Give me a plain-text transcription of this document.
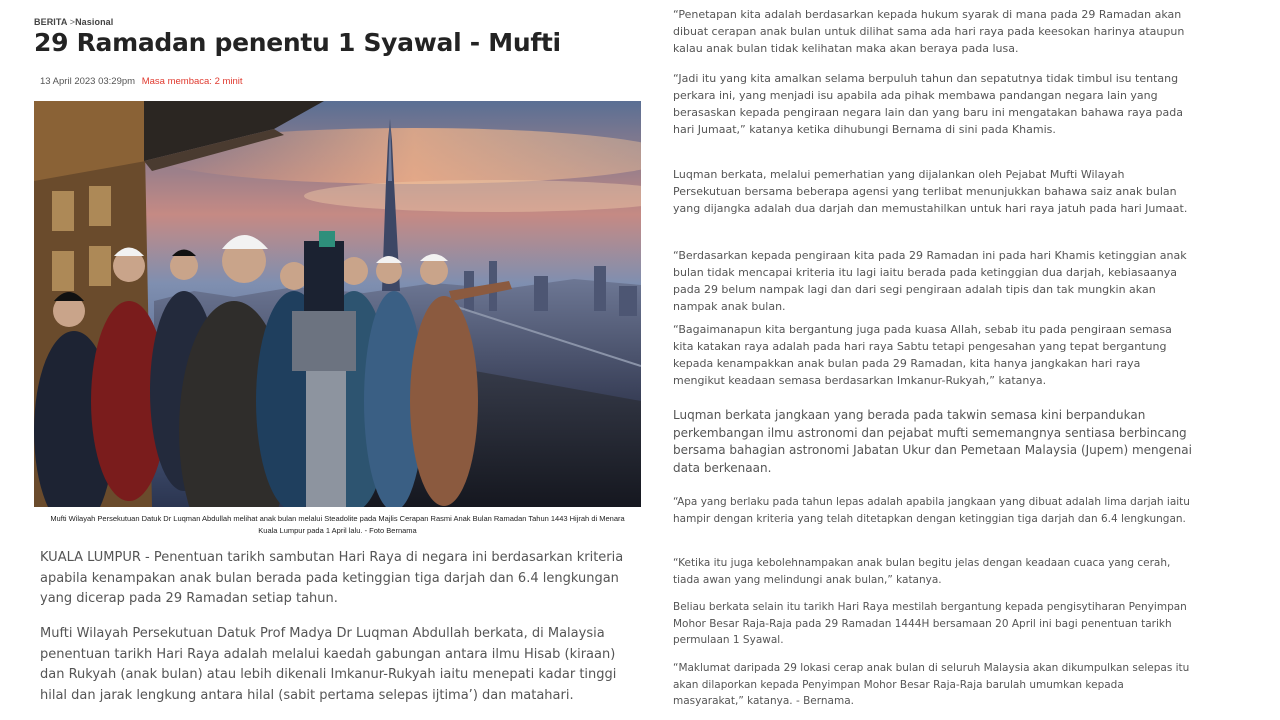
BERITA >Nasional
29 Ramadan penentu 1 Syawal - Mufti
13 April 2023 03:29pm Masa membaca: 2 minit
Mufti Wilayah Persekutuan Datuk Dr Luqman Abdullah melihat anak bulan melalui Steadolite pada Majlis Cerapan Rasmi Anak Bulan Ramadan Tahun 1443 Hijrah di Menara Kuala Lumpur pada 1 April lalu. - Foto Bernama

KUALA LUMPUR - Penentuan tarikh sambutan Hari Raya di negara ini berdasarkan kriteria apabila kenampakan anak bulan berada pada ketinggian tiga darjah dan 6.4 lengkungan yang dicerap pada 29 Ramadan setiap tahun.

Mufti Wilayah Persekutuan Datuk Prof Madya Dr Luqman Abdullah berkata, di Malaysia penentuan tarikh Hari Raya adalah melalui kaedah gabungan antara ilmu Hisab (kiraan) dan Rukyah (anak bulan) atau lebih dikenali Imkanur-Rukyah iaitu menepati kadar tinggi hilal dan jarak lengkung antara hilal (sabit pertama selepas ijtima’) dan matahari.

“Penetapan kita adalah berdasarkan kepada hukum syarak di mana pada 29 Ramadan akan dibuat cerapan anak bulan untuk dilihat sama ada hari raya pada keesokan harinya ataupun kalau anak bulan tidak kelihatan maka akan beraya pada lusa.

“Jadi itu yang kita amalkan selama berpuluh tahun dan sepatutnya tidak timbul isu tentang perkara ini, yang menjadi isu apabila ada pihak membawa pandangan negara lain yang berasaskan kepada pengiraan negara lain dan yang baru ini mengatakan bahawa raya pada hari Jumaat,” katanya ketika dihubungi Bernama di sini pada Khamis.

Luqman berkata, melalui pemerhatian yang dijalankan oleh Pejabat Mufti Wilayah Persekutuan bersama beberapa agensi yang terlibat menunjukkan bahawa saiz anak bulan yang dijangka adalah dua darjah dan memustahilkan untuk hari raya jatuh pada hari Jumaat.

“Berdasarkan kepada pengiraan kita pada 29 Ramadan ini pada hari Khamis ketinggian anak bulan tidak mencapai kriteria itu lagi iaitu berada pada ketinggian dua darjah, kebiasaanya pada 29 belum nampak lagi dan dari segi pengiraan adalah tipis dan tak mungkin akan nampak anak bulan.

“Bagaimanapun kita bergantung juga pada kuasa Allah, sebab itu pada pengiraan semasa kita katakan raya adalah pada hari raya Sabtu tetapi pengesahan yang tepat bergantung kepada kenampakkan anak bulan pada 29 Ramadan, kita hanya jangkakan hari raya mengikut keadaan semasa berdasarkan Imkanur-Rukyah,” katanya.

Luqman berkata jangkaan yang berada pada takwin semasa kini berpandukan perkembangan ilmu astronomi dan pejabat mufti sememangnya sentiasa berbincang bersama bahagian astronomi Jabatan Ukur dan Pemetaan Malaysia (Jupem) mengenai data berkenaan.

“Apa yang berlaku pada tahun lepas adalah apabila jangkaan yang dibuat adalah lima darjah iaitu hampir dengan kriteria yang telah ditetapkan dengan ketinggian tiga darjah dan 6.4 lengkungan.

“Ketika itu juga kebolehnampakan anak bulan begitu jelas dengan keadaan cuaca yang cerah, tiada awan yang melindungi anak bulan,” katanya.

Beliau berkata selain itu tarikh Hari Raya mestilah bergantung kepada pengisytiharan Penyimpan Mohor Besar Raja-Raja pada 29 Ramadan 1444H bersamaan 20 April ini bagi penentuan tarikh permulaan 1 Syawal.

“Maklumat daripada 29 lokasi cerap anak bulan di seluruh Malaysia akan dikumpulkan selepas itu akan dilaporkan kepada Penyimpan Mohor Besar Raja-Raja barulah umumkan kepada masyarakat,” katanya. - Bernama.
